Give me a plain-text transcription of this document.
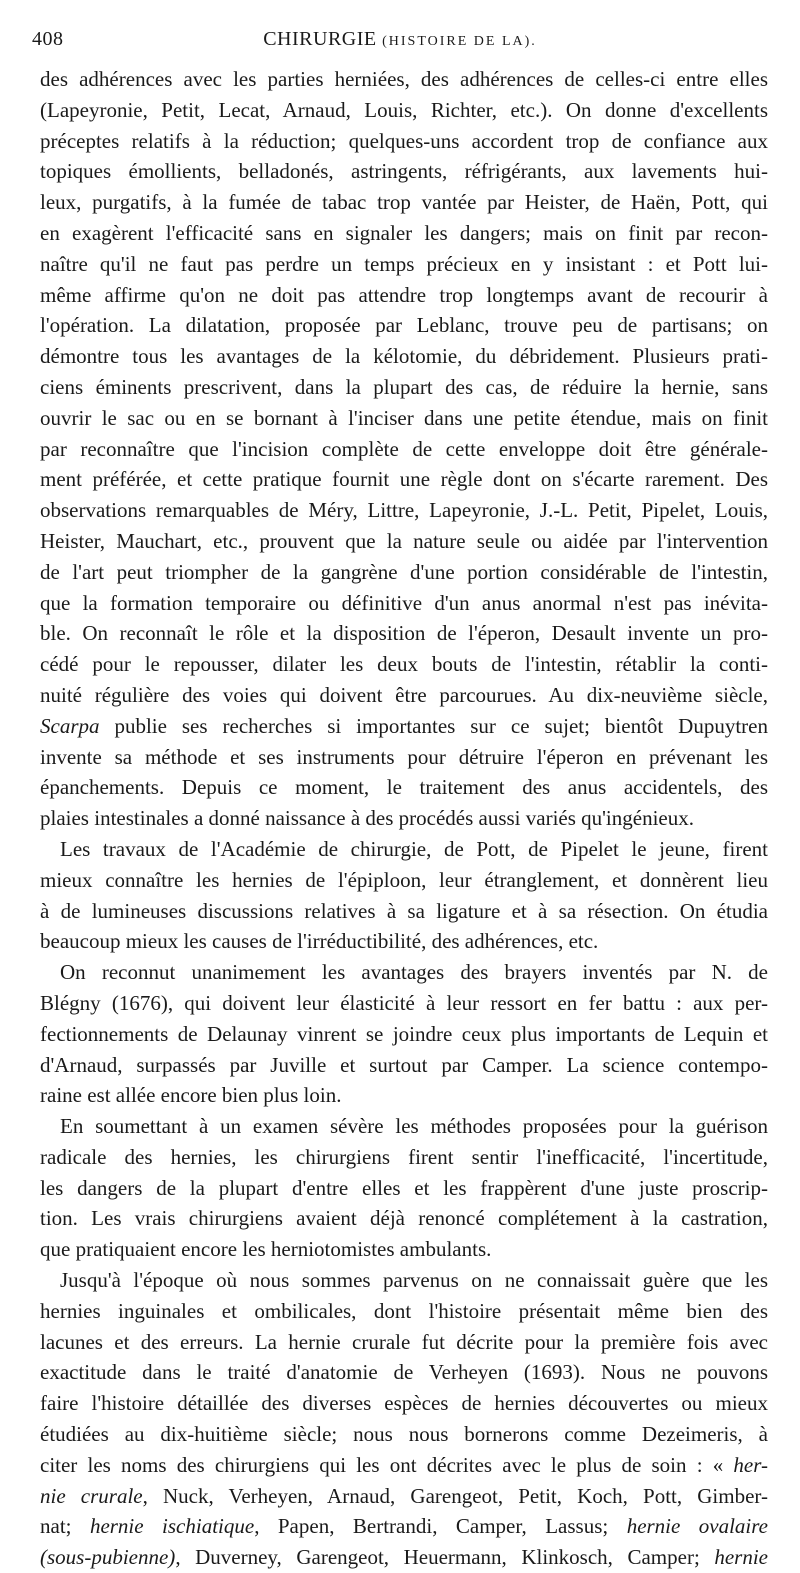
408	CHIRURGIE (HISTOIRE DE LA).
des adhérences avec les parties herniées, des adhérences de celles-ci entre elles
(Lapeyronie, Petit, Lecat, Arnaud, Louis, Richter, etc.). On donne d'excellents
préceptes relatifs à la réduction; quelques-uns accordent trop de confiance aux
topiques émollients, belladonés, astringents, réfrigérants, aux lavements hui-
leux, purgatifs, à la fumée de tabac trop vantée par Heister, de Haën, Pott, qui
en exagèrent l'efficacité sans en signaler les dangers; mais on finit par recon-
naître qu'il ne faut pas perdre un temps précieux en y insistant : et Pott lui-
même affirme qu'on ne doit pas attendre trop longtemps avant de recourir à
l'opération. La dilatation, proposée par Leblanc, trouve peu de partisans; on
démontre tous les avantages de la kélotomie, du débridement. Plusieurs prati-
ciens éminents prescrivent, dans la plupart des cas, de réduire la hernie, sans
ouvrir le sac ou en se bornant à l'inciser dans une petite étendue, mais on finit
par reconnaître que l'incision complète de cette enveloppe doit être générale-
ment préférée, et cette pratique fournit une règle dont on s'écarte rarement. Des
observations remarquables de Méry, Littre, Lapeyronie, J.-L. Petit, Pipelet, Louis,
Heister, Mauchart, etc., prouvent que la nature seule ou aidée par l'intervention
de l'art peut triompher de la gangrène d'une portion considérable de l'intestin,
que la formation temporaire ou définitive d'un anus anormal n'est pas inévita-
ble. On reconnaît le rôle et la disposition de l'éperon, Desault invente un pro-
cédé pour le repousser, dilater les deux bouts de l'intestin, rétablir la conti-
nuité régulière des voies qui doivent être parcourues. Au dix-neuvième siècle,
Scarpa publie ses recherches si importantes sur ce sujet; bientôt Dupuytren
invente sa méthode et ses instruments pour détruire l'éperon en prévenant les
épanchements. Depuis ce moment, le traitement des anus accidentels, des
plaies intestinales a donné naissance à des procédés aussi variés qu'ingénieux.
Les travaux de l'Académie de chirurgie, de Pott, de Pipelet le jeune, firent
mieux connaître les hernies de l'épiploon, leur étranglement, et donnèrent lieu
à de lumineuses discussions relatives à sa ligature et à sa résection. On étudia
beaucoup mieux les causes de l'irréductibilité, des adhérences, etc.
On reconnut unanimement les avantages des brayers inventés par N. de
Blégny (1676), qui doivent leur élasticité à leur ressort en fer battu : aux per-
fectionnements de Delaunay vinrent se joindre ceux plus importants de Lequin et
d'Arnaud, surpassés par Juville et surtout par Camper. La science contempo-
raine est allée encore bien plus loin.
En soumettant à un examen sévère les méthodes proposées pour la guérison
radicale des hernies, les chirurgiens firent sentir l'inefficacité, l'incertitude,
les dangers de la plupart d'entre elles et les frappèrent d'une juste proscrip-
tion. Les vrais chirurgiens avaient déjà renoncé complétement à la castration,
que pratiquaient encore les herniotomistes ambulants.
Jusqu'à l'époque où nous sommes parvenus on ne connaissait guère que les
hernies inguinales et ombilicales, dont l'histoire présentait même bien des
lacunes et des erreurs. La hernie crurale fut décrite pour la première fois avec
exactitude dans le traité d'anatomie de Verheyen (1693). Nous ne pouvons
faire l'histoire détaillée des diverses espèces de hernies découvertes ou mieux
étudiées au dix-huitième siècle; nous nous bornerons comme Dezeimeris, à
citer les noms des chirurgiens qui les ont décrites avec le plus de soin : « her-
nie crurale, Nuck, Verheyen, Arnaud, Garengeot, Petit, Koch, Pott, Gimber-
nat; hernie ischiatique, Papen, Bertrandi, Camper, Lassus; hernie ovalaire
(sous-pubienne), Duverney, Garengeot, Heuermann, Klinkosch, Camper; hernie
